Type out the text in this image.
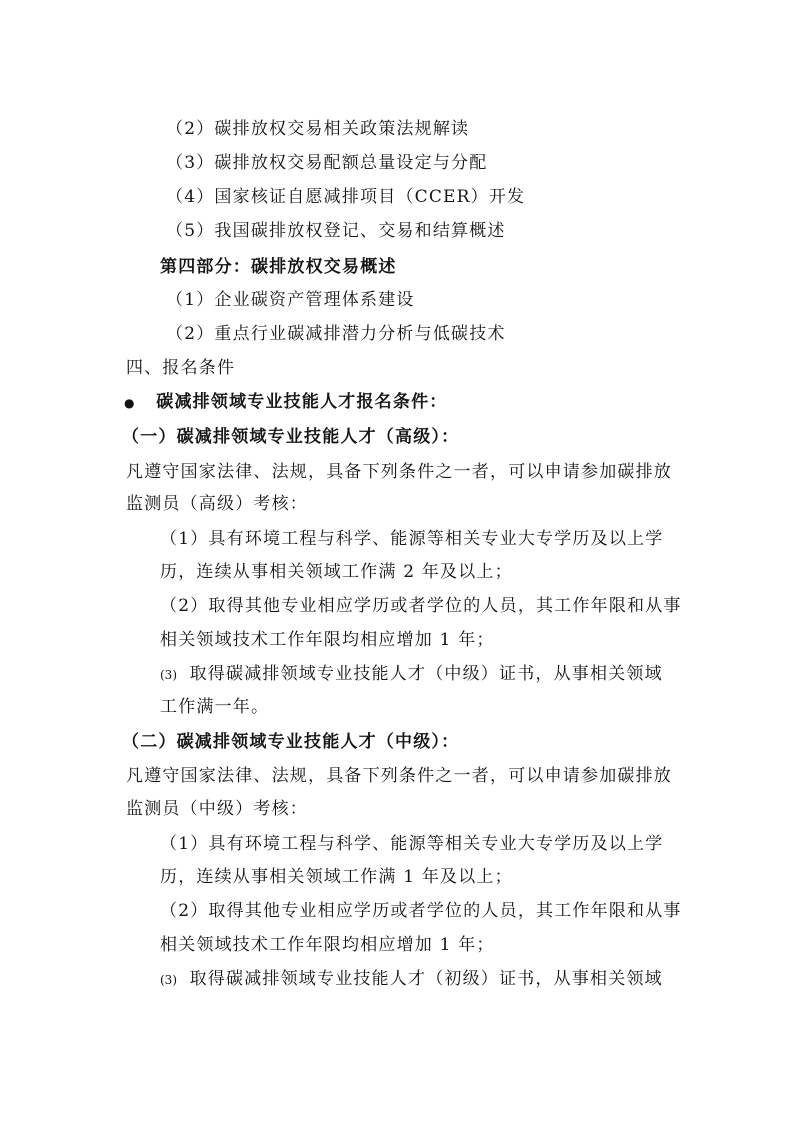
（2）碳排放权交易相关政策法规解读
（3）碳排放权交易配额总量设定与分配
（4）国家核证自愿减排项目（CCER）开发
（5）我国碳排放权登记、交易和结算概述
第四部分：碳排放权交易概述
（1）企业碳资产管理体系建设
（2）重点行业碳减排潜力分析与低碳技术
四、报名条件
● 碳减排领域专业技能人才报名条件：
（一）碳减排领域专业技能人才（高级）：
凡遵守国家法律、法规，具备下列条件之一者，可以申请参加碳排放
监测员（高级）考核：
（1）具有环境工程与科学、能源等相关专业大专学历及以上学
历，连续从事相关领域工作满 2 年及以上；
（2）取得其他专业相应学历或者学位的人员，其工作年限和从事
相关领域技术工作年限均相应增加 1 年；
(3) 取得碳减排领域专业技能人才（中级）证书，从事相关领域
工作满一年。
（二）碳减排领域专业技能人才（中级）：
凡遵守国家法律、法规，具备下列条件之一者，可以申请参加碳排放
监测员（中级）考核：
（1）具有环境工程与科学、能源等相关专业大专学历及以上学
历，连续从事相关领域工作满 1 年及以上；
（2）取得其他专业相应学历或者学位的人员，其工作年限和从事
相关领域技术工作年限均相应增加 1 年；
(3) 取得碳减排领域专业技能人才（初级）证书，从事相关领域
